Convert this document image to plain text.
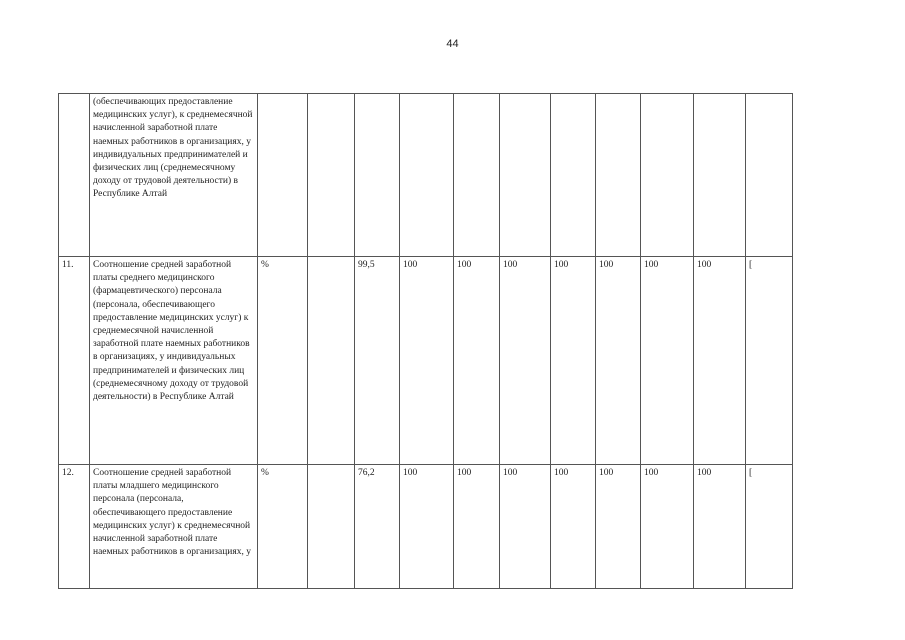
44
	(обеспечивающих предоставление медицинских услуг), к среднемесячной начисленной заработной плате наемных работников в организациях, у индивидуальных предпринимателей и физических лиц (среднемесячному доходу от трудовой деятельности) в Республике Алтай											
11.	Соотношение средней заработной платы среднего медицинского (фармацевтического) персонала (персонала, обеспечивающего предоставление медицинских услуг) к среднемесячной начисленной заработной плате наемных работников в организациях, у индивидуальных предпринимателей и физических лиц (среднемесячному доходу от трудовой деятельности) в Республике Алтай	%		99,5	100	100	100	100	100	100	100	[
12.	Соотношение средней заработной платы младшего медицинского персонала (персонала, обеспечивающего предоставление медицинских услуг) к среднемесячной начисленной заработной плате наемных работников в организациях, у	%		76,2	100	100	100	100	100	100	100	[
